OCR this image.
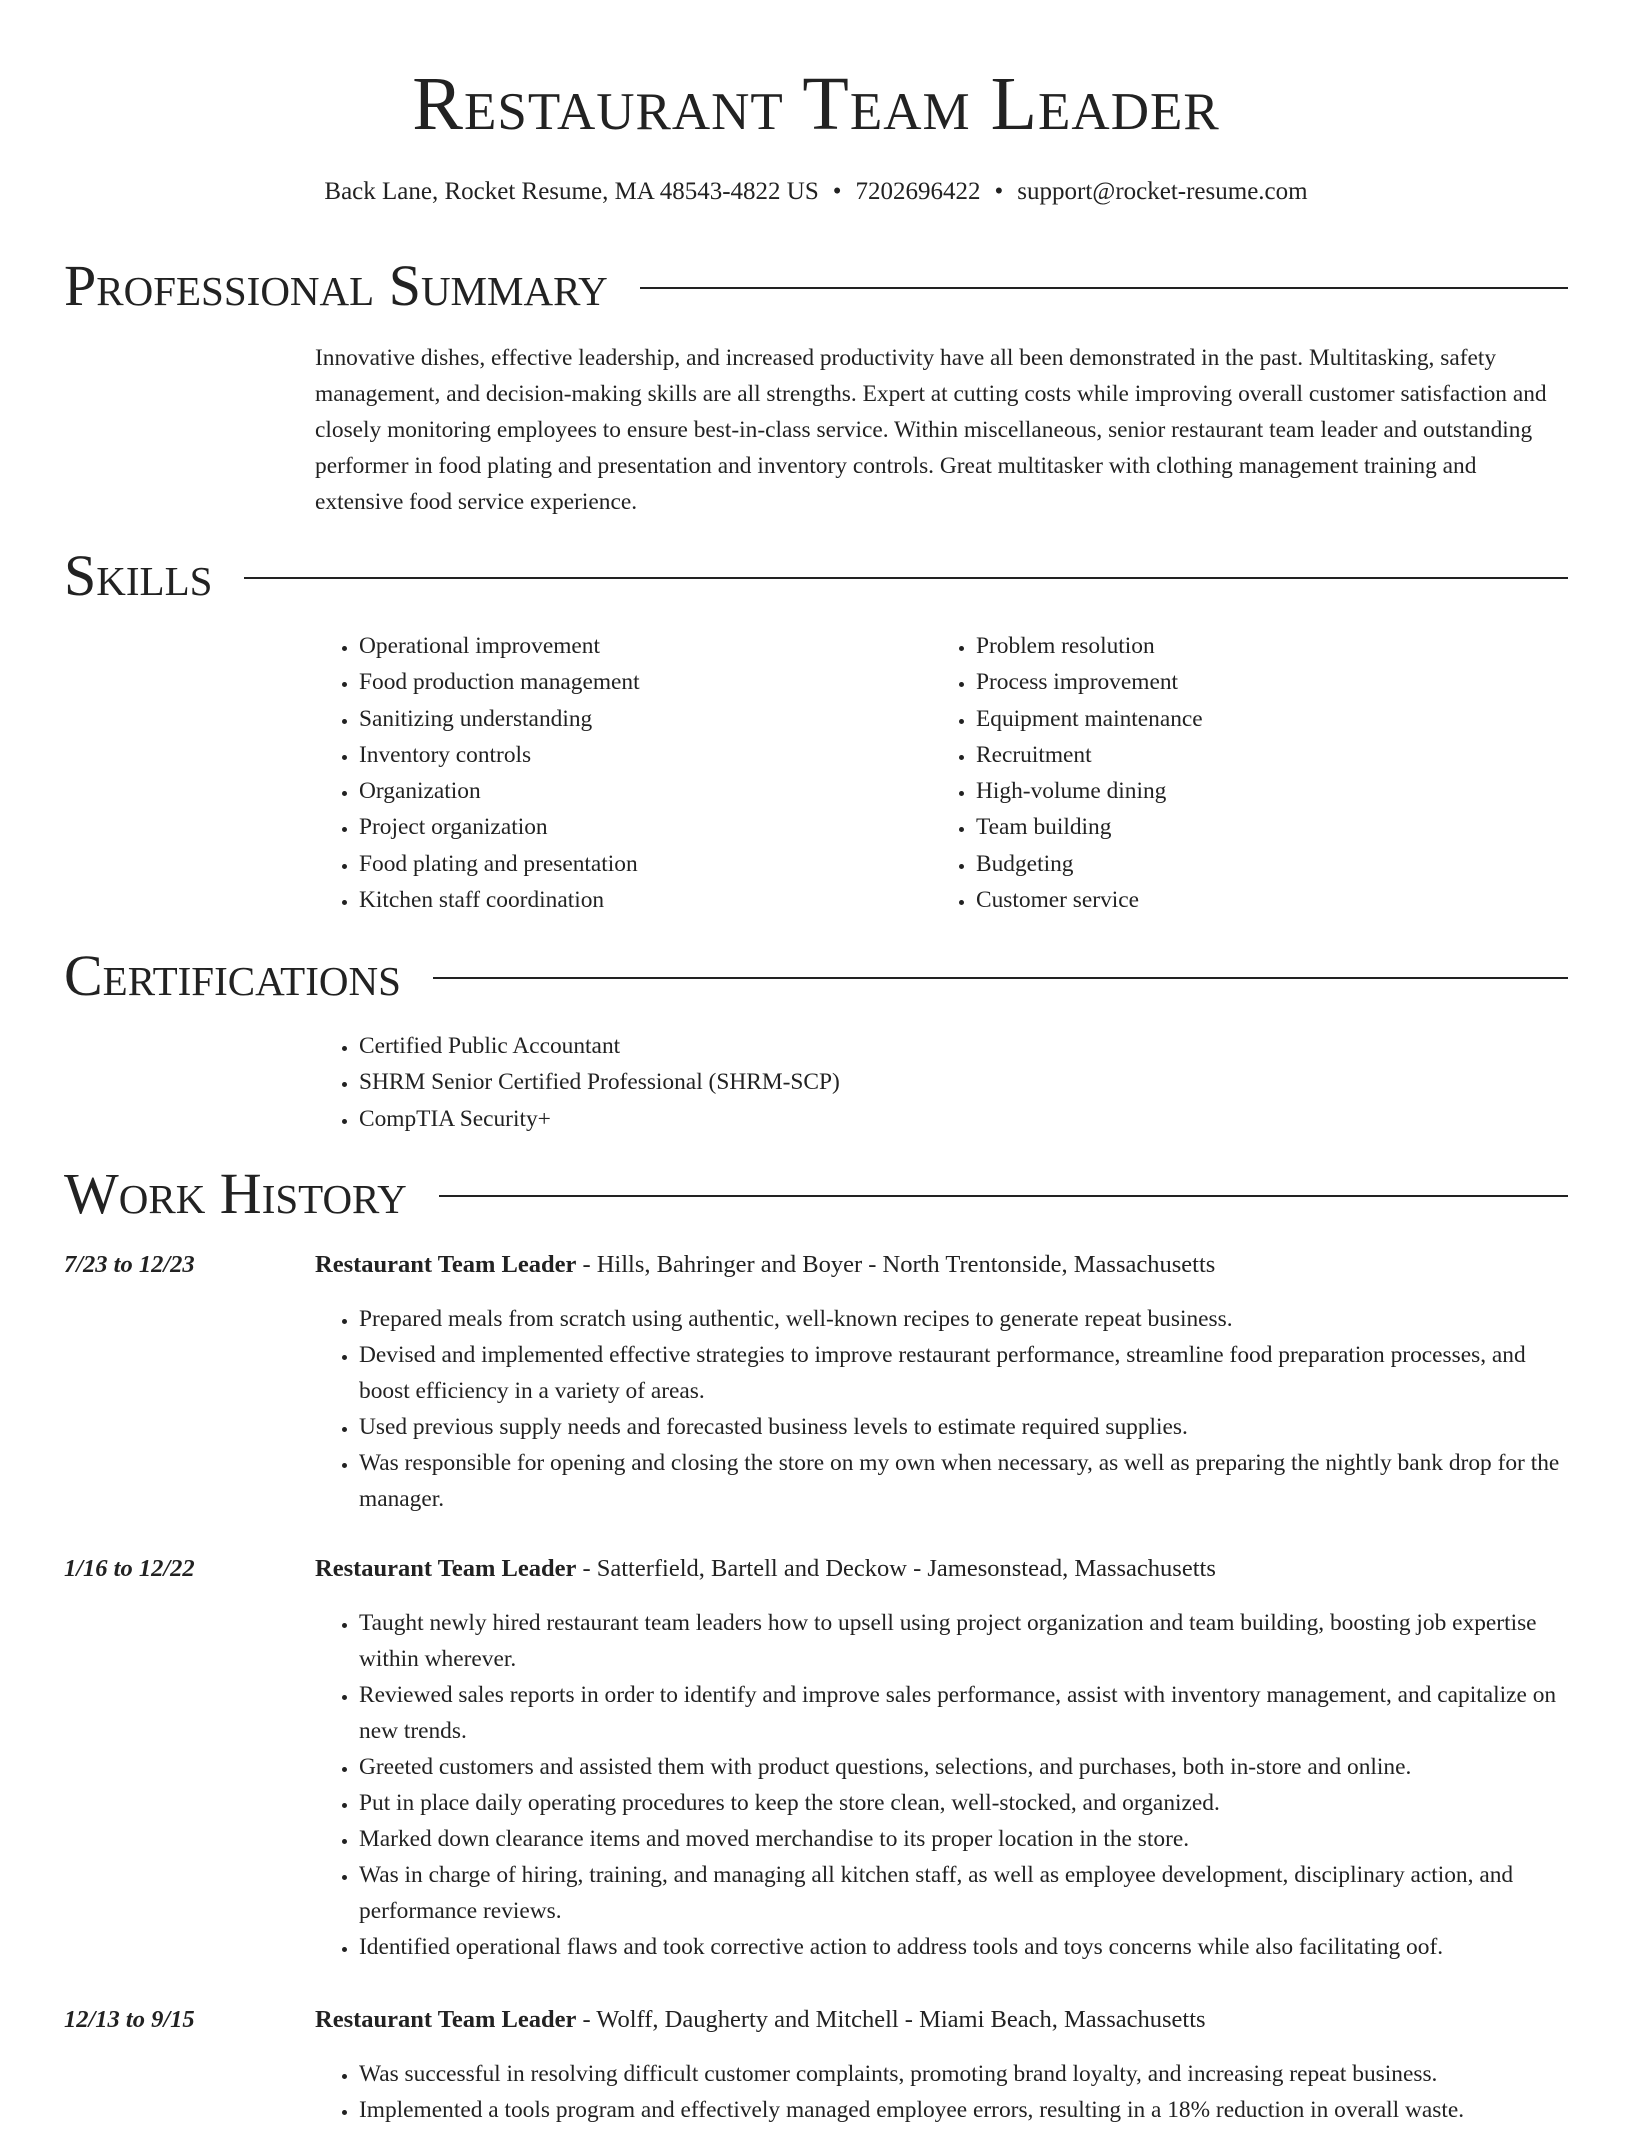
Restaurant Team Leader
Back Lane, Rocket Resume, MA 48543-4822 US • 7202696422 • support@rocket-resume.com
Professional Summary

Innovative dishes, effective leadership, and increased productivity have all been demonstrated in the past. Multitasking, safety management, and decision-making skills are all strengths. Expert at cutting costs while improving overall customer satisfaction and closely monitoring employees to ensure best-in-class service. Within miscellaneous, senior restaurant team leader and outstanding performer in food plating and presentation and inventory controls. Great multitasker with clothing management training and extensive food service experience.

Skills
• Operational improvement
• Food production management
• Sanitizing understanding
• Inventory controls
• Organization
• Project organization
• Food plating and presentation
• Kitchen staff coordination
• Problem resolution
• Process improvement
• Equipment maintenance
• Recruitment
• High-volume dining
• Team building
• Budgeting
• Customer service
Certifications
• Certified Public Accountant
• SHRM Senior Certified Professional (SHRM-SCP)
• CompTIA Security+
Work History
7/23 to 12/23	Restaurant Team Leader - Hills, Bahringer and Boyer - North Trentonside, Massachusetts
• Prepared meals from scratch using authentic, well-known recipes to generate repeat business.
• Devised and implemented effective strategies to improve restaurant performance, streamline food preparation processes, and boost efficiency in a variety of areas.
• Used previous supply needs and forecasted business levels to estimate required supplies.
• Was responsible for opening and closing the store on my own when necessary, as well as preparing the nightly bank drop for the manager.
1/16 to 12/22	Restaurant Team Leader - Satterfield, Bartell and Deckow - Jamesonstead, Massachusetts
• Taught newly hired restaurant team leaders how to upsell using project organization and team building, boosting job expertise within wherever.
• Reviewed sales reports in order to identify and improve sales performance, assist with inventory management, and capitalize on new trends.
• Greeted customers and assisted them with product questions, selections, and purchases, both in-store and online.
• Put in place daily operating procedures to keep the store clean, well-stocked, and organized.
• Marked down clearance items and moved merchandise to its proper location in the store.
• Was in charge of hiring, training, and managing all kitchen staff, as well as employee development, disciplinary action, and performance reviews.
• Identified operational flaws and took corrective action to address tools and toys concerns while also facilitating oof.
12/13 to 9/15	Restaurant Team Leader - Wolff, Daugherty and Mitchell - Miami Beach, Massachusetts
• Was successful in resolving difficult customer complaints, promoting brand loyalty, and increasing repeat business.
• Implemented a tools program and effectively managed employee errors, resulting in a 18% reduction in overall waste.
